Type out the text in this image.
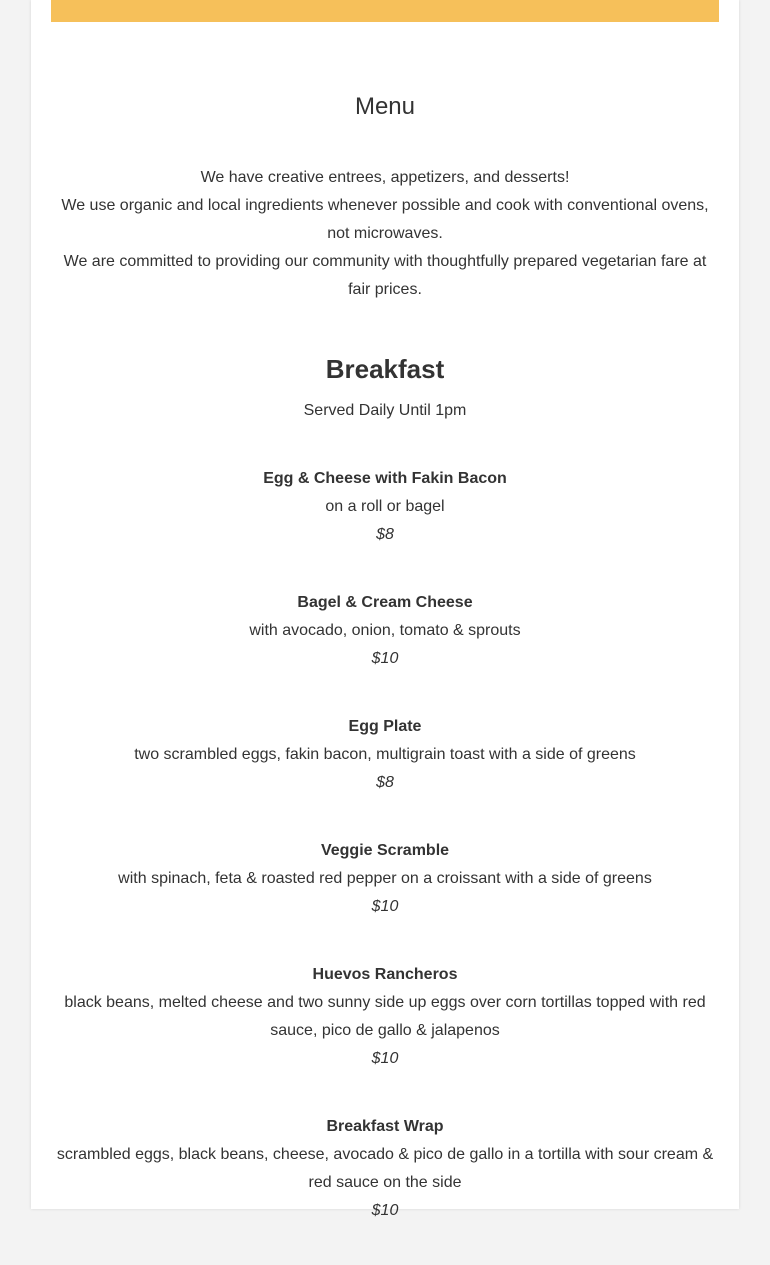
Menu

We have creative entrees, appetizers, and desserts!

We use organic and local ingredients whenever possible and cook with conventional ovens, not microwaves.

We are committed to providing our community with thoughtfully prepared vegetarian fare at fair prices.

Breakfast
Served Daily Until 1pm
Egg & Cheese with Fakin Bacon
on a roll or bagel
$8
Bagel & Cream Cheese
with avocado, onion, tomato & sprouts
$10
Egg Plate
two scrambled eggs, fakin bacon, multigrain toast with a side of greens
$8
Veggie Scramble
with spinach, feta & roasted red pepper on a croissant with a side of greens
$10
Huevos Rancheros
black beans, melted cheese and two sunny side up eggs over corn tortillas topped with red sauce, pico de gallo & jalapenos
$10
Breakfast Wrap
scrambled eggs, black beans, cheese, avocado & pico de gallo in a tortilla with sour cream & red sauce on the side
$10
